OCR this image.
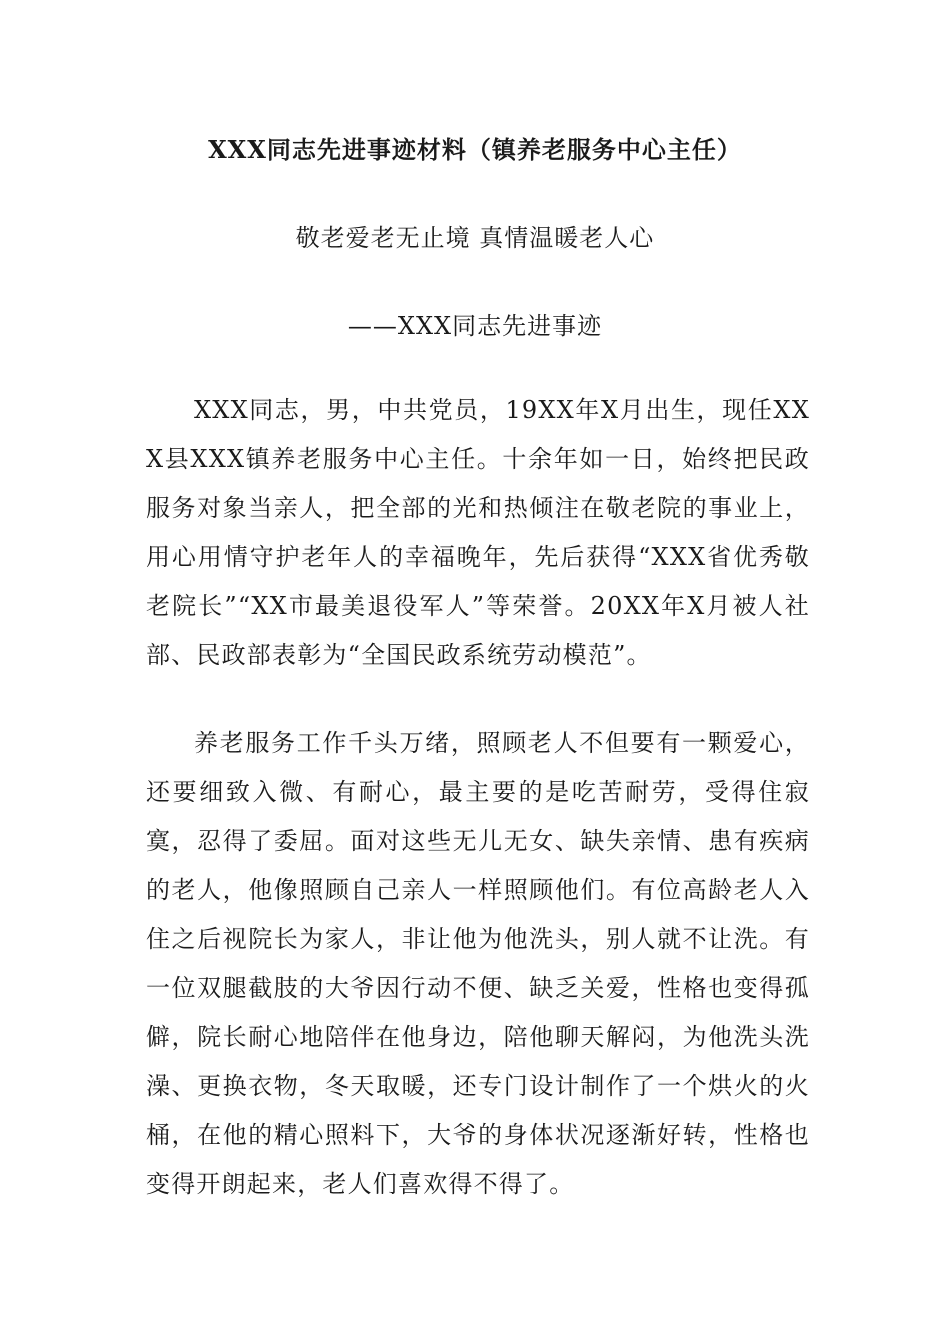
XXX同志先进事迹材料（镇养老服务中心主任）
敬老爱老无止境 真情温暖老人心
——XXX同志先进事迹

XXX同志，男，中共党员，19XX年X月出生，现任XXX县XXX镇养老服务中心主任。十余年如一日，始终把民政服务对象当亲人，把全部的光和热倾注在敬老院的事业上，用心用情守护老年人的幸福晚年，先后获得“XXX省优秀敬老院长”“XX市最美退役军人”等荣誉。20XX年X月被人社部、民政部表彰为“全国民政系统劳动模范”。

养老服务工作千头万绪，照顾老人不但要有一颗爱心，还要细致入微、有耐心，最主要的是吃苦耐劳，受得住寂寞，忍得了委屈。面对这些无儿无女、缺失亲情、患有疾病的老人，他像照顾自己亲人一样照顾他们。有位高龄老人入住之后视院长为家人，非让他为他洗头，别人就不让洗。有一位双腿截肢的大爷因行动不便、缺乏关爱，性格也变得孤僻，院长耐心地陪伴在他身边，陪他聊天解闷，为他洗头洗澡、更换衣物，冬天取暖，还专门设计制作了一个烘火的火桶，在他的精心照料下，大爷的身体状况逐渐好转，性格也变得开朗起来，老人们喜欢得不得了。
